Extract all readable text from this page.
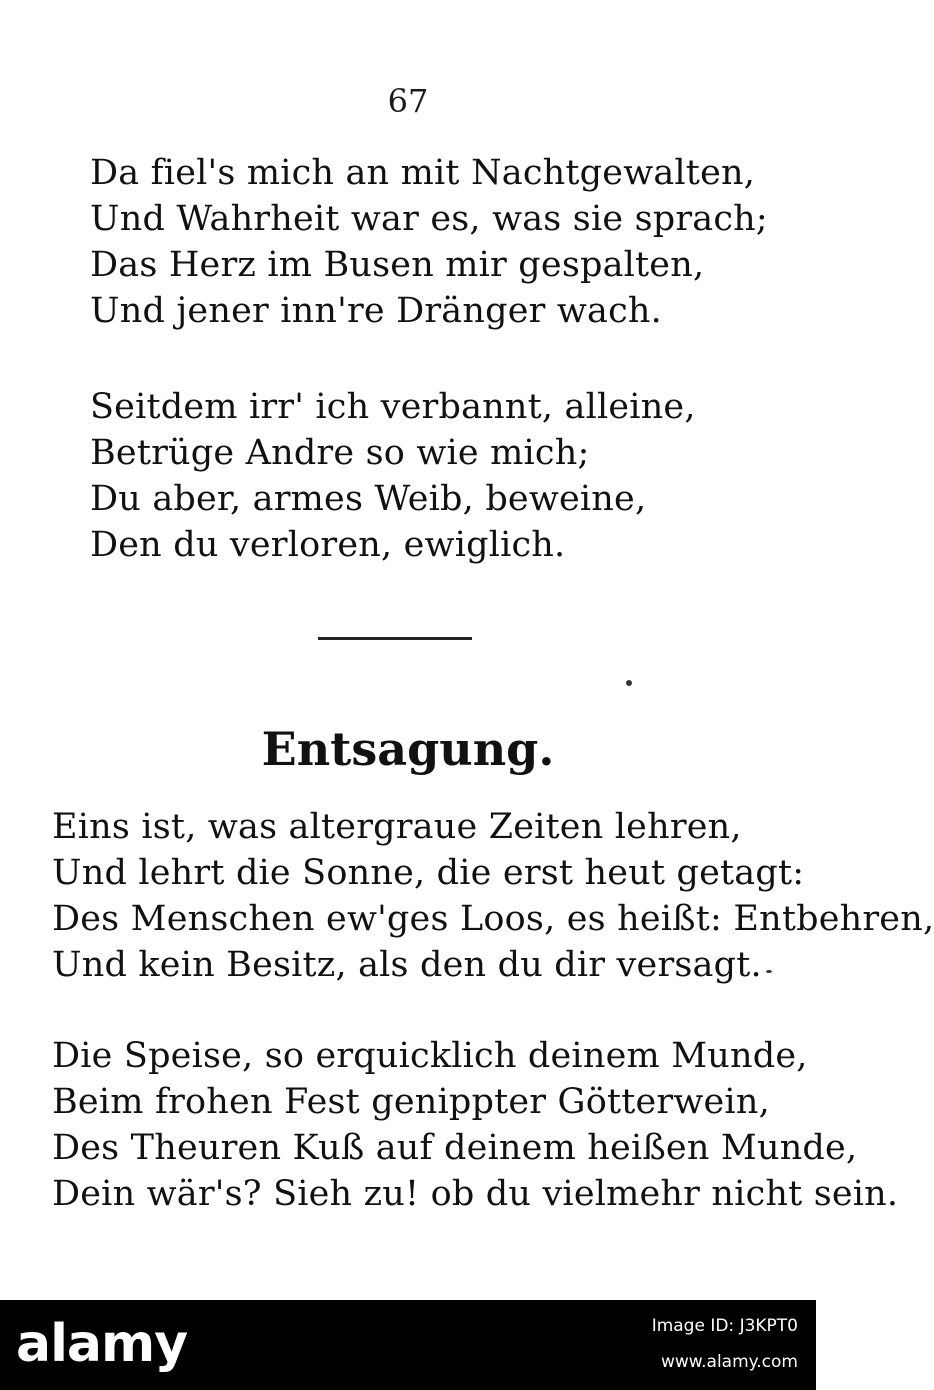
67
Da fiel's mich an mit Nachtgewalten,
Und Wahrheit war es, was sie sprach;
Das Herz im Busen mir gespalten,
Und jener inn're Dränger wach.
Seitdem irr' ich verbannt, alleine,
Betrüge Andre so wie mich;
Du aber, armes Weib, beweine,
Den du verloren, ewiglich.
Entsagung.
Eins ist, was altergraue Zeiten lehren,
Und lehrt die Sonne, die erst heut getagt:
Des Menschen ew'ges Loos, es heißt: Entbehren,
Und kein Besitz, als den du dir versagt.
Die Speise, so erquicklich deinem Munde,
Beim frohen Fest genippter Götterwein,
Des Theuren Kuß auf deinem heißen Munde,
Dein wär's? Sieh zu! ob du vielmehr nicht sein.
alamy	Image ID: J3KPT0
www.alamy.com
